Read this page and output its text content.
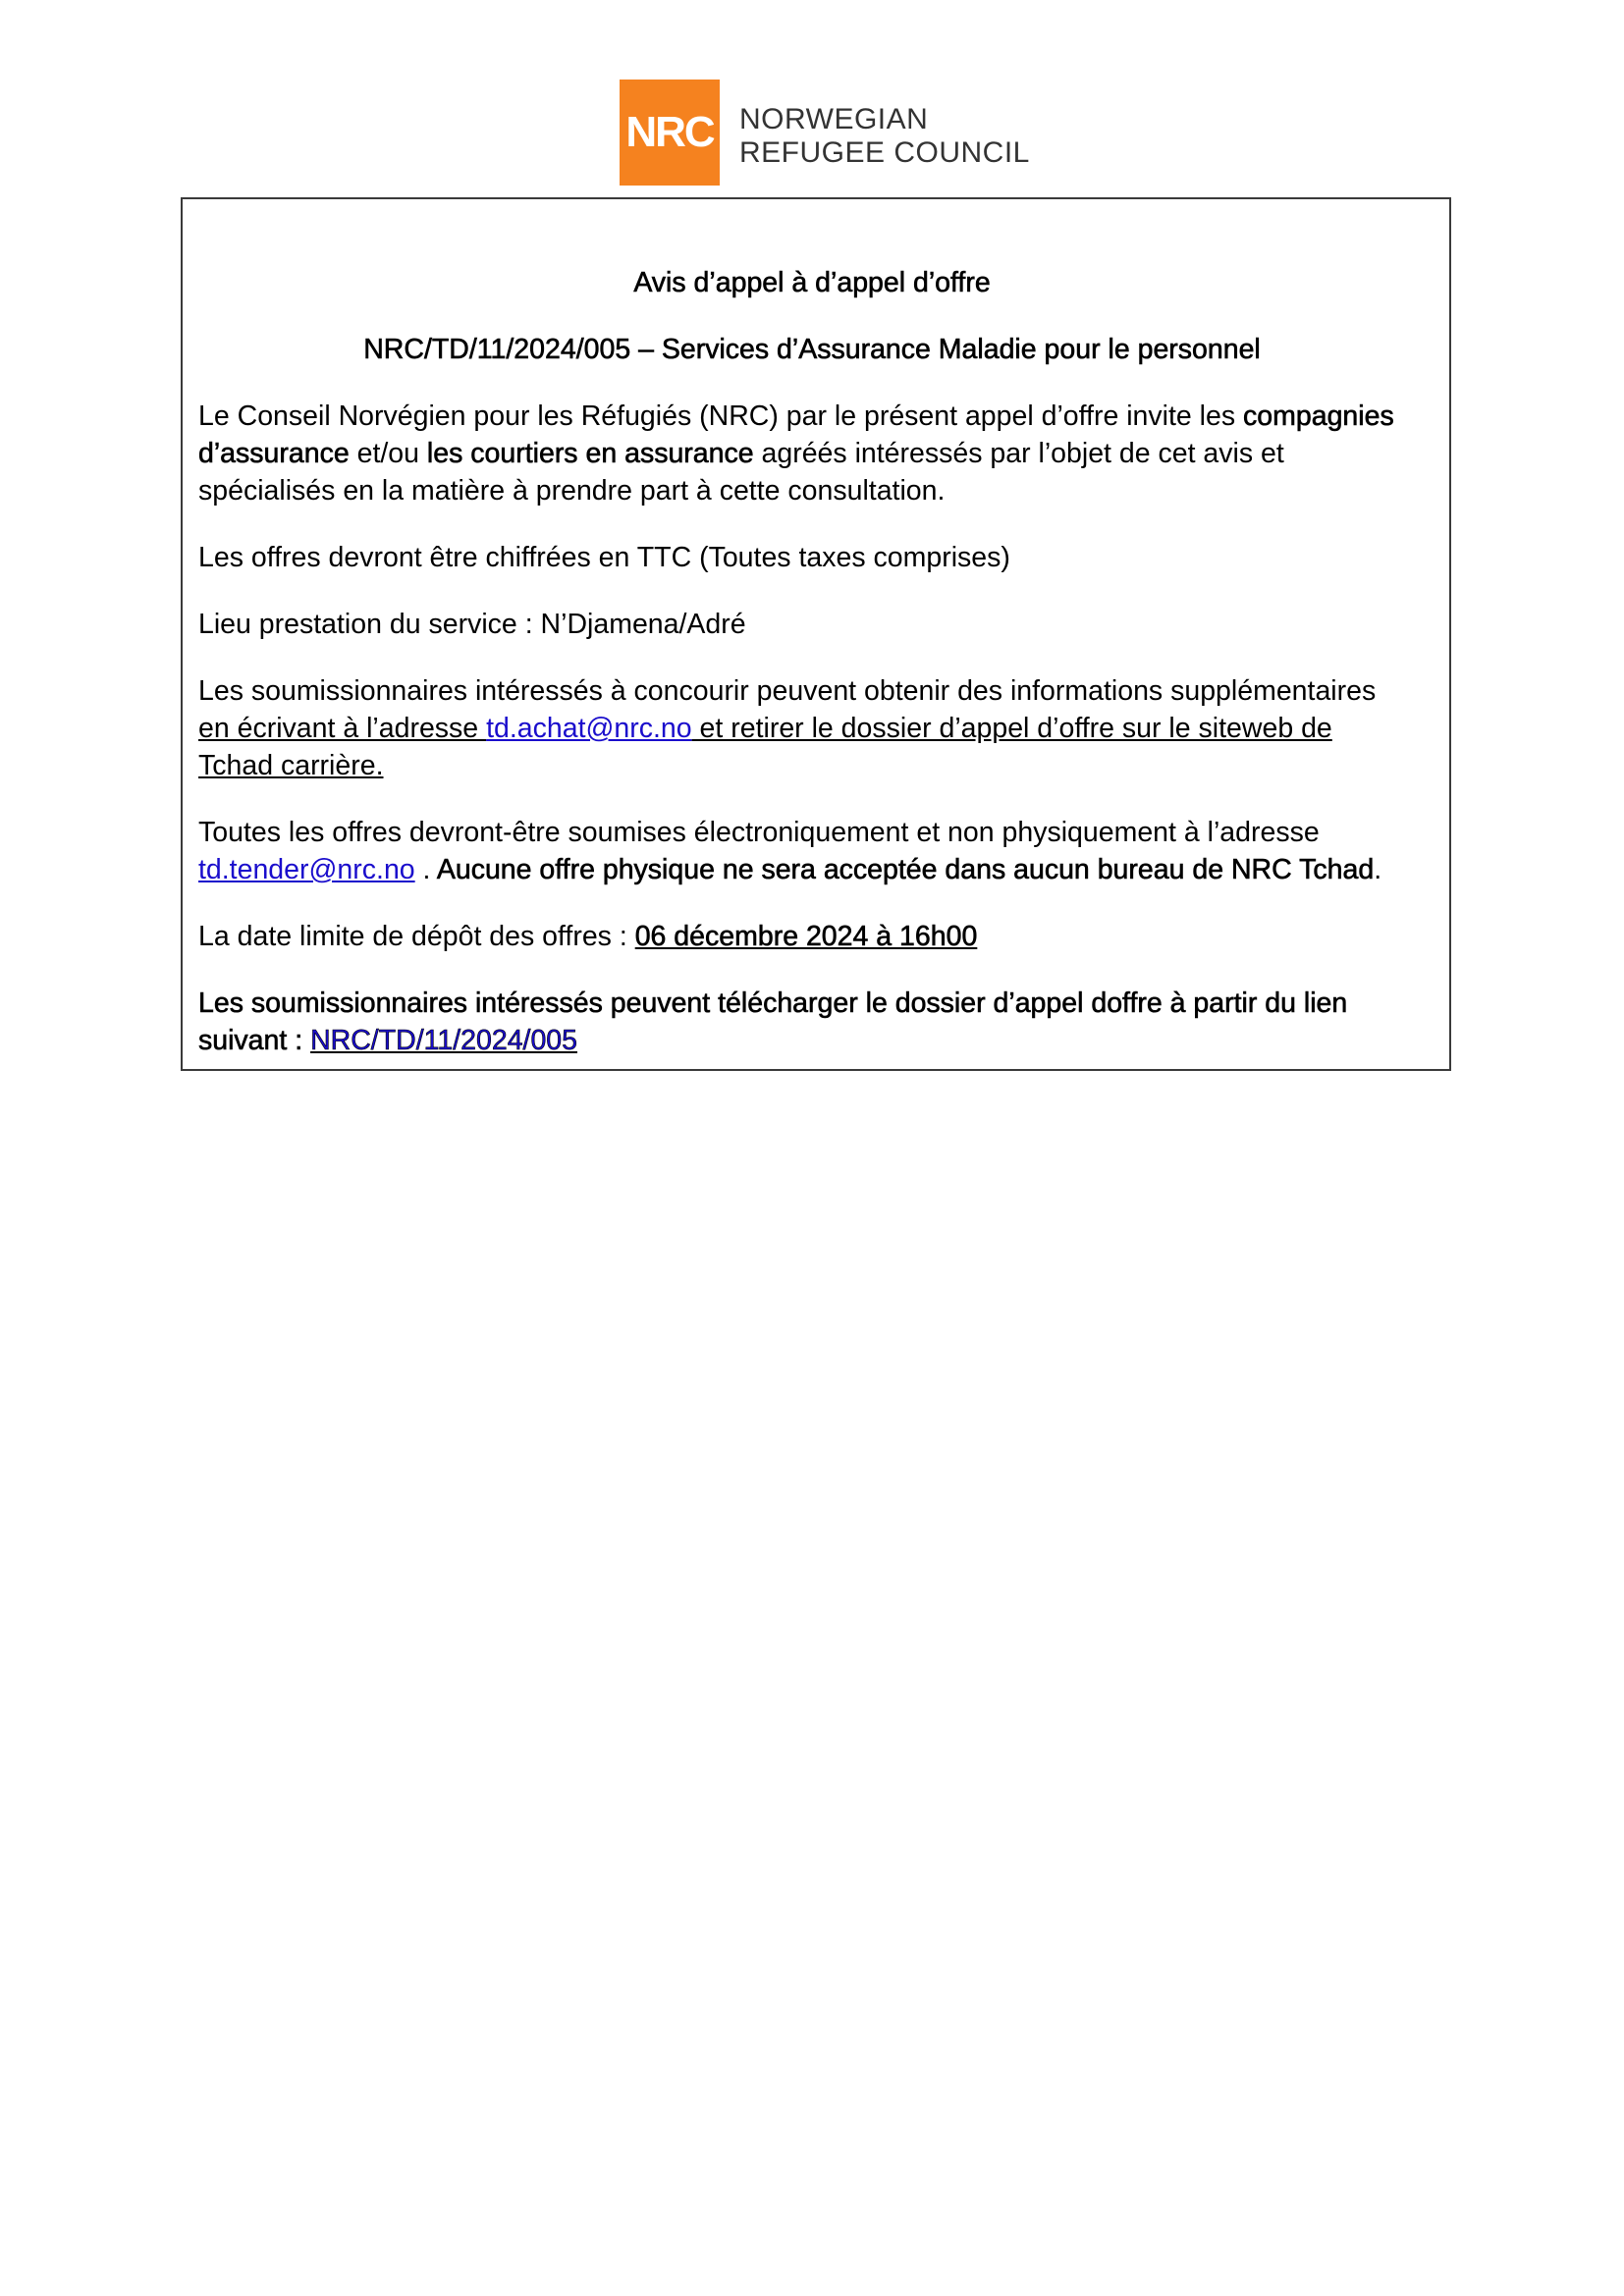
NRC NORWEGIAN
REFUGEE COUNCIL
Avis d’appel à d’appel d’offre
NRC/TD/11/2024/005 – Services d’Assurance Maladie pour le personnel

Le Conseil Norvégien pour les Réfugiés (NRC) par le présent appel d’offre invite les compagnies d’assurance et/ou les courtiers en assurance agréés intéressés par l’objet de cet avis et spécialisés en la matière à prendre part à cette consultation.

Les offres devront être chiffrées en TTC (Toutes taxes comprises)

Lieu prestation du service : N’Djamena/Adré

Les soumissionnaires intéressés à concourir peuvent obtenir des informations supplémentaires
en écrivant à l’adresse td.achat@nrc.no et retirer le dossier d’appel d’offre sur le siteweb de
Tchad carrière.

Toutes les offres devront-être soumises électroniquement et non physiquement à l’adresse
td.tender@nrc.no . Aucune offre physique ne sera acceptée dans aucun bureau de NRC Tchad.

La date limite de dépôt des offres : 06 décembre 2024 à 16h00

Les soumissionnaires intéressés peuvent télécharger le dossier d’appel doffre à partir du lien suivant : NRC/TD/11/2024/005
